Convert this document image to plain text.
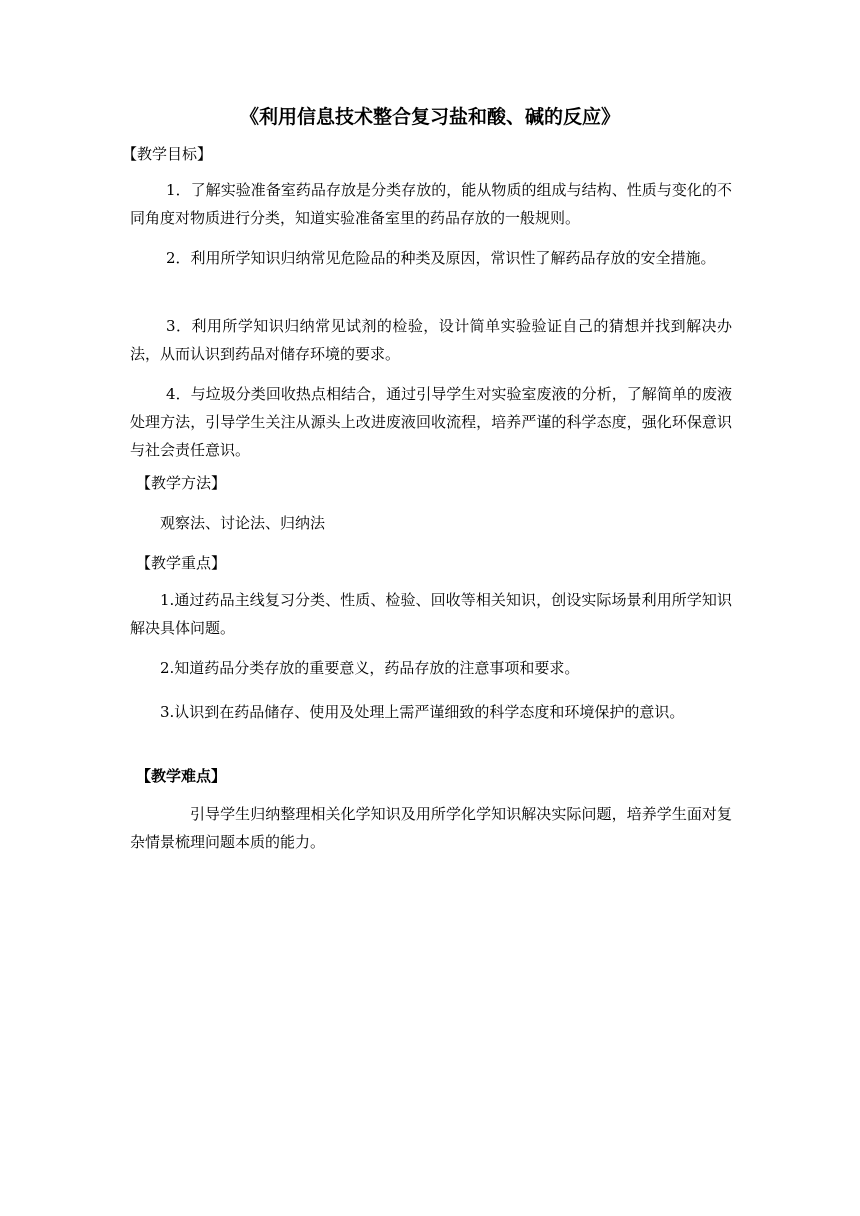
《利用信息技术整合复习盐和酸、碱的反应》
【教学目标】
1．了解实验准备室药品存放是分类存放的，能从物质的组成与结构、性质与变化的不同角度对物质进行分类，知道实验准备室里的药品存放的一般规则。
2．利用所学知识归纳常见危险品的种类及原因，常识性了解药品存放的安全措施。
3．利用所学知识归纳常见试剂的检验，设计简单实验验证自己的猜想并找到解决办法，从而认识到药品对储存环境的要求。
4．与垃圾分类回收热点相结合，通过引导学生对实验室废液的分析，了解简单的废液处理方法，引导学生关注从源头上改进废液回收流程，培养严谨的科学态度，强化环保意识与社会责任意识。
【教学方法】
观察法、讨论法、归纳法
【教学重点】
1.通过药品主线复习分类、性质、检验、回收等相关知识，创设实际场景利用所学知识解决具体问题。
2.知道药品分类存放的重要意义，药品存放的注意事项和要求。
3.认识到在药品储存、使用及处理上需严谨细致的科学态度和环境保护的意识。
【教学难点】
引导学生归纳整理相关化学知识及用所学化学知识解决实际问题，培养学生面对复杂情景梳理问题本质的能力。
